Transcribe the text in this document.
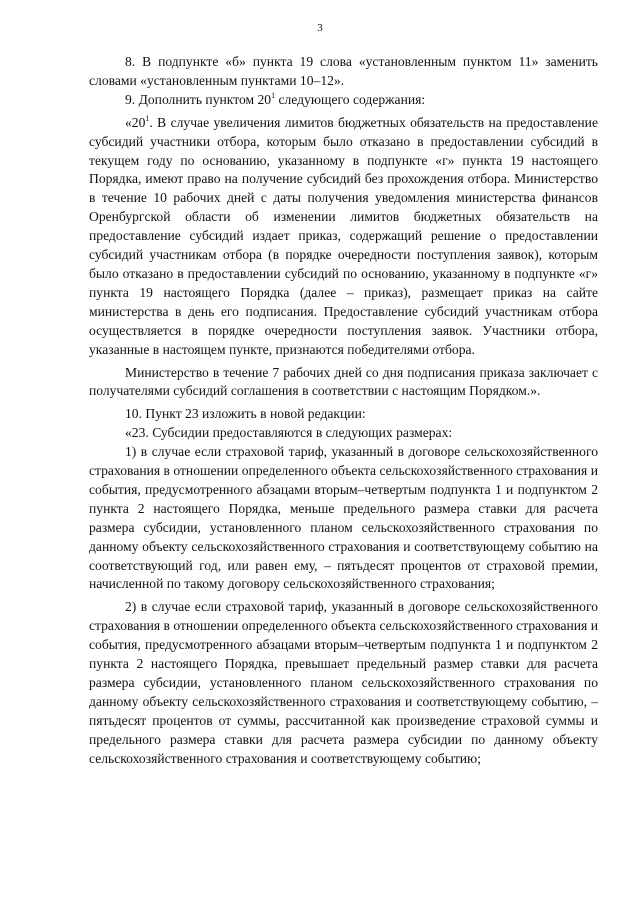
3

8. В подпункте «б» пункта 19 слова «установленным пунктом 11» заменить словами «установленным пунктами 10–12».

9. Дополнить пунктом $20^1$ следующего содержания:

«$20^1$. В случае увеличения лимитов бюджетных обязательств на предоставление субсидий участники отбора, которым было отказано в предоставлении субсидий в текущем году по основанию, указанному в подпункте «г» пункта 19 настоящего Порядка, имеют право на получение субсидий без прохождения отбора. Министерство в течение 10 рабочих дней с даты получения уведомления министерства финансов Оренбургской области об изменении лимитов бюджетных обязательств на предоставление субсидий издает приказ, содержащий решение о предоставлении субсидий участникам отбора (в порядке очередности поступления заявок), которым было отказано в предоставлении субсидий по основанию, указанному в подпункте «г» пункта 19 настоящего Порядка (далее – приказ), размещает приказ на сайте министерства в день его подписания. Предоставление субсидий участникам отбора осуществляется в порядке очередности поступления заявок. Участники отбора, указанные в настоящем пункте, признаются победителями отбора.

Министерство в течение 7 рабочих дней со дня подписания приказа заключает с получателями субсидий соглашения в соответствии с настоящим Порядком.».

10. Пункт 23 изложить в новой редакции:

«23. Субсидии предоставляются в следующих размерах:

1) в случае если страховой тариф, указанный в договоре сельскохозяйственного страхования в отношении определенного объекта сельскохозяйственного страхования и события, предусмотренного абзацами вторым–четвертым подпункта 1 и подпунктом 2 пункта 2 настоящего Порядка, меньше предельного размера ставки для расчета размера субсидии, установленного планом сельскохозяйственного страхования по данному объекту сельскохозяйственного страхования и соответствующему событию на соответствующий год, или равен ему, – пятьдесят процентов от страховой премии, начисленной по такому договору сельскохозяйственного страхования;

2) в случае если страховой тариф, указанный в договоре сельскохозяйственного страхования в отношении определенного объекта сельскохозяйственного страхования и события, предусмотренного абзацами вторым–четвертым подпункта 1 и подпунктом 2 пункта 2 настоящего Порядка, превышает предельный размер ставки для расчета размера субсидии, установленного планом сельскохозяйственного страхования по данному объекту сельскохозяйственного страхования и соответствующему событию, – пятьдесят процентов от суммы, рассчитанной как произведение страховой суммы и предельного размера ставки для расчета размера субсидии по данному объекту сельскохозяйственного страхования и соответствующему событию;
